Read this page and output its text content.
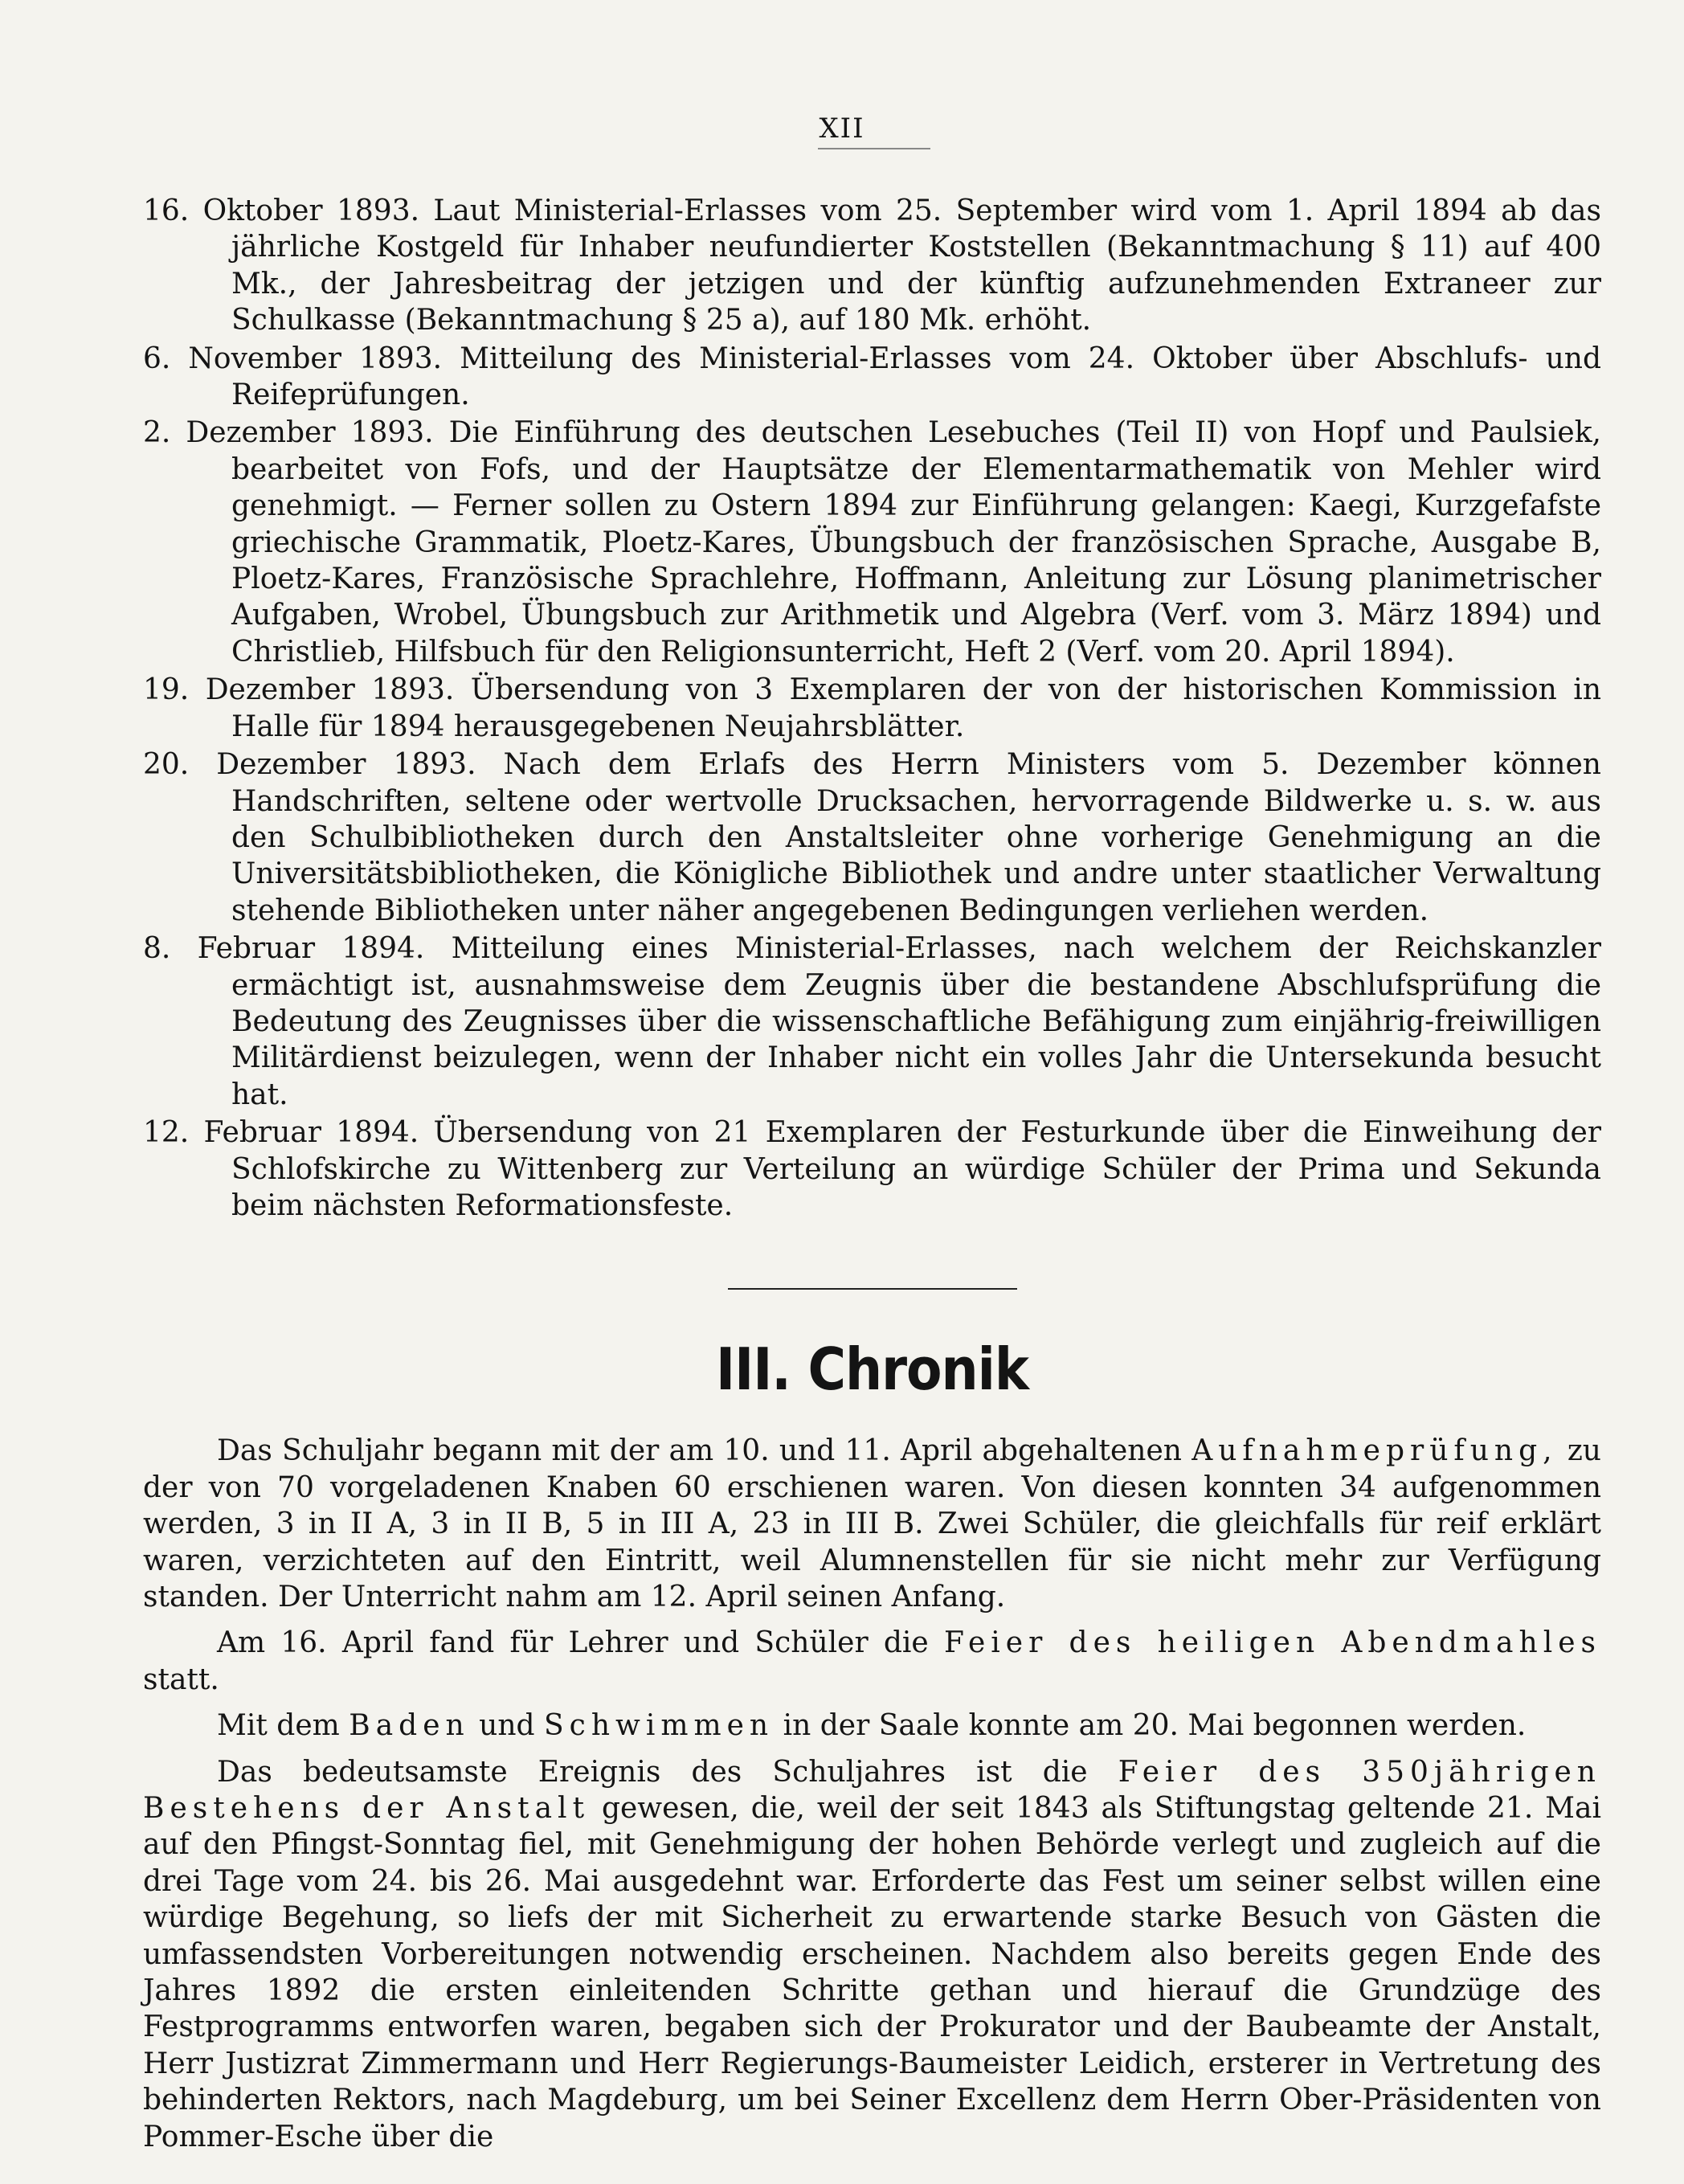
XII

16. Oktober 1893. Laut Ministerial-Erlasses vom 25. September wird vom 1. April 1894 ab das jährliche Kostgeld für Inhaber neufundierter Koststellen (Bekanntmachung § 11) auf 400 Mk., der Jahresbeitrag der jetzigen und der künftig aufzunehmenden Extraneer zur Schulkasse (Bekanntmachung § 25 a), auf 180 Mk. erhöht.

6. November 1893. Mitteilung des Ministerial-Erlasses vom 24. Oktober über Abschlufs- und Reifeprüfungen.

2. Dezember 1893. Die Einführung des deutschen Lesebuches (Teil II) von Hopf und Paulsiek, bearbeitet von Fofs, und der Hauptsätze der Elementarmathematik von Mehler wird genehmigt. — Ferner sollen zu Ostern 1894 zur Einführung gelangen: Kaegi, Kurzgefafste griechische Grammatik, Ploetz-Kares, Übungsbuch der französischen Sprache, Ausgabe B, Ploetz-Kares, Französische Sprachlehre, Hoffmann, Anleitung zur Lösung planimetrischer Aufgaben, Wrobel, Übungsbuch zur Arithmetik und Algebra (Verf. vom 3. März 1894) und Christlieb, Hilfsbuch für den Religionsunterricht, Heft 2 (Verf. vom 20. April 1894).

19. Dezember 1893. Übersendung von 3 Exemplaren der von der historischen Kommission in Halle für 1894 herausgegebenen Neujahrsblätter.

20. Dezember 1893. Nach dem Erlafs des Herrn Ministers vom 5. Dezember können Handschriften, seltene oder wertvolle Drucksachen, hervorragende Bildwerke u. s. w. aus den Schulbibliotheken durch den Anstaltsleiter ohne vorherige Genehmigung an die Universitätsbibliotheken, die Königliche Bibliothek und andre unter staatlicher Verwaltung stehende Bibliotheken unter näher angegebenen Bedingungen verliehen werden.

8. Februar 1894. Mitteilung eines Ministerial-Erlasses, nach welchem der Reichskanzler ermächtigt ist, ausnahmsweise dem Zeugnis über die bestandene Abschlufsprüfung die Bedeutung des Zeugnisses über die wissenschaftliche Befähigung zum einjährig-freiwilligen Militärdienst beizulegen, wenn der Inhaber nicht ein volles Jahr die Untersekunda besucht hat.

12. Februar 1894. Übersendung von 21 Exemplaren der Festurkunde über die Einweihung der Schlofskirche zu Wittenberg zur Verteilung an würdige Schüler der Prima und Sekunda beim nächsten Reformationsfeste.

III. Chronik

Das Schuljahr begann mit der am 10. und 11. April abgehaltenen Aufnahmeprüfung, zu der von 70 vorgeladenen Knaben 60 erschienen waren. Von diesen konnten 34 aufgenommen werden, 3 in II A, 3 in II B, 5 in III A, 23 in III B. Zwei Schüler, die gleichfalls für reif erklärt waren, verzichteten auf den Eintritt, weil Alumnenstellen für sie nicht mehr zur Verfügung standen. Der Unterricht nahm am 12. April seinen Anfang.

Am 16. April fand für Lehrer und Schüler die Feier des heiligen Abendmahles statt.

Mit dem Baden und Schwimmen in der Saale konnte am 20. Mai begonnen werden.

Das bedeutsamste Ereignis des Schuljahres ist die Feier des 350jährigen Bestehens der Anstalt gewesen, die, weil der seit 1843 als Stiftungstag geltende 21. Mai auf den Pfingst-Sonntag fiel, mit Genehmigung der hohen Behörde verlegt und zugleich auf die drei Tage vom 24. bis 26. Mai ausgedehnt war. Erforderte das Fest um seiner selbst willen eine würdige Begehung, so liefs der mit Sicherheit zu erwartende starke Besuch von Gästen die umfassendsten Vorbereitungen notwendig erscheinen. Nachdem also bereits gegen Ende des Jahres 1892 die ersten einleitenden Schritte gethan und hierauf die Grundzüge des Festprogramms entworfen waren, begaben sich der Prokurator und der Baubeamte der Anstalt, Herr Justizrat Zimmermann und Herr Regierungs-Baumeister Leidich, ersterer in Vertretung des behinderten Rektors, nach Magdeburg, um bei Seiner Excellenz dem Herrn Ober-Präsidenten von Pommer-Esche über die
